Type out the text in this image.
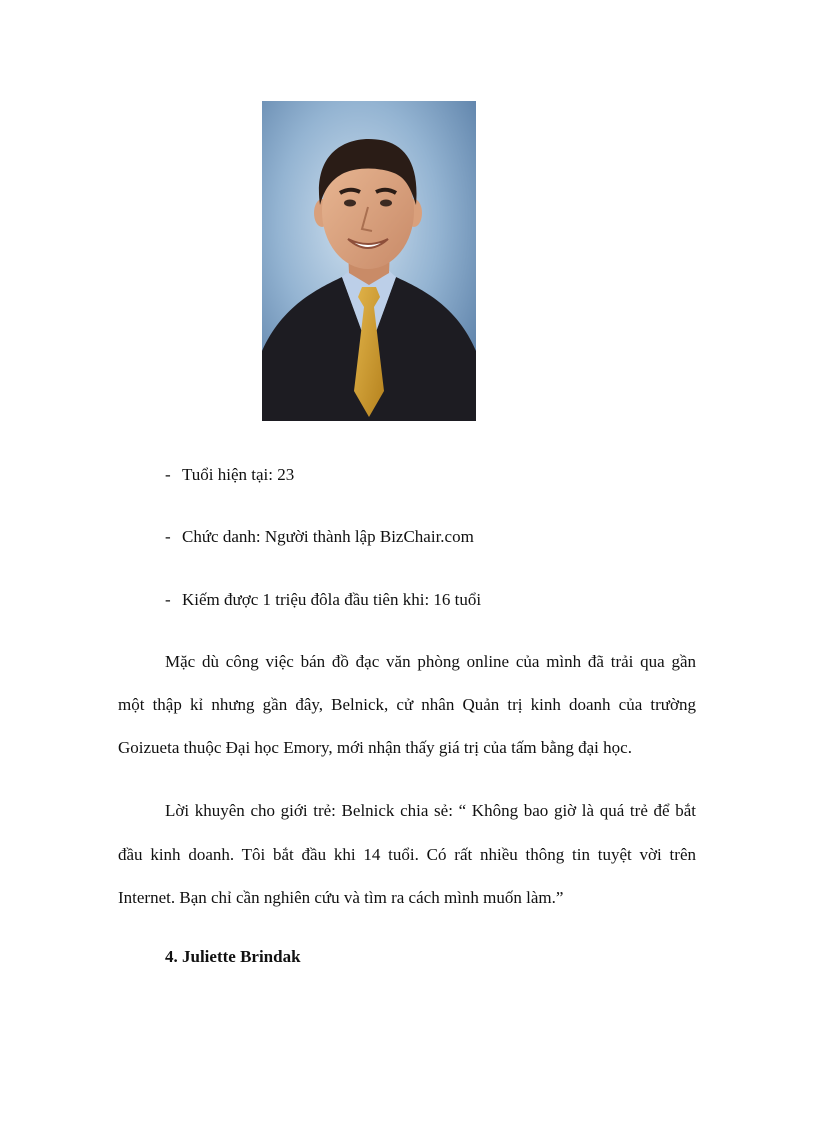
- Tuổi hiện tại: 23
- Chức danh: Người thành lập BizChair.com
- Kiếm được 1 triệu đôla đầu tiên khi: 16 tuổi
Mặc dù công việc bán đồ đạc văn phòng online của mình đã trải qua gần
một thập kỉ nhưng gần đây, Belnick, cử nhân Quản trị kinh doanh của trường
Goizueta thuộc Đại học Emory, mới nhận thấy giá trị của tấm bằng đại học.
Lời khuyên cho giới trẻ: Belnick chia sẻ: “ Không bao giờ là quá trẻ để bắt
đầu kinh doanh. Tôi bắt đầu khi 14 tuổi. Có rất nhiều thông tin tuyệt vời trên
Internet. Bạn chỉ cần nghiên cứu và tìm ra cách mình muốn làm.”
4. Juliette Brindak
